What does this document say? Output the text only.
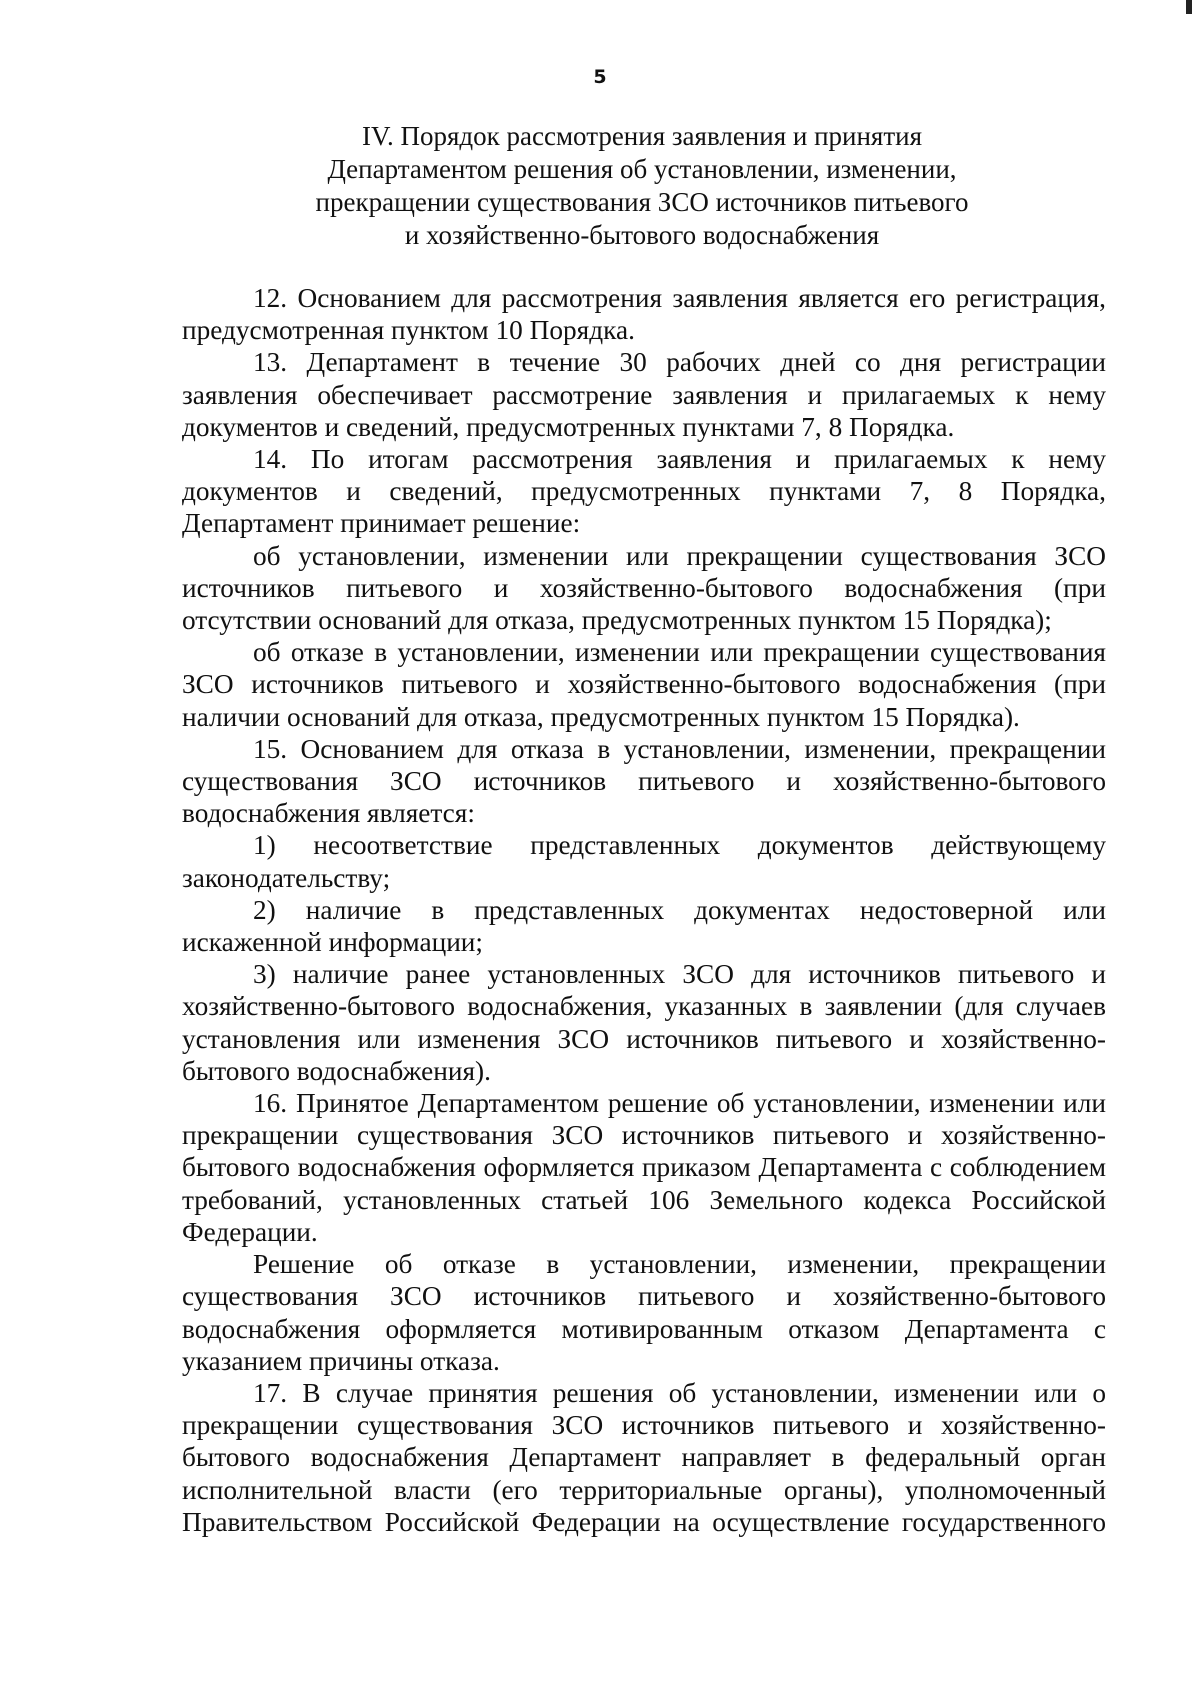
5
IV. Порядок рассмотрения заявления и принятия
Департаментом решения об установлении, изменении,
прекращении существования ЗСО источников питьевого
и хозяйственно-бытового водоснабжения

12. Основанием для рассмотрения заявления является его регистрация, предусмотренная пунктом 10 Порядка.

13. Департамент в течение 30 рабочих дней со дня регистрации заявления обеспечивает рассмотрение заявления и прилагаемых к нему документов и сведений, предусмотренных пунктами 7, 8 Порядка.

14. По итогам рассмотрения заявления и прилагаемых к нему документов и сведений, предусмотренных пунктами 7, 8 Порядка, Департамент принимает решение:

об установлении, изменении или прекращении существования ЗСО источников питьевого и хозяйственно-бытового водоснабжения (при отсутствии оснований для отказа, предусмотренных пунктом 15 Порядка);

об отказе в установлении, изменении или прекращении существования ЗСО источников питьевого и хозяйственно-бытового водоснабжения (при наличии оснований для отказа, предусмотренных пунктом 15 Порядка).

15. Основанием для отказа в установлении, изменении, прекращении существования ЗСО источников питьевого и хозяйственно-бытового водоснабжения является:

1) несоответствие представленных документов действующему законодательству;

2) наличие в представленных документах недостоверной или искаженной информации;

3) наличие ранее установленных ЗСО для источников питьевого и хозяйственно-бытового водоснабжения, указанных в заявлении (для случаев установления или изменения ЗСО источников питьевого и хозяйственно-бытового водоснабжения).

16. Принятое Департаментом решение об установлении, изменении или прекращении существования ЗСО источников питьевого и хозяйственно-бытового водоснабжения оформляется приказом Департамента с соблюдением требований, установленных статьей 106 Земельного кодекса Российской Федерации.

Решение об отказе в установлении, изменении, прекращении существования ЗСО источников питьевого и хозяйственно-бытового водоснабжения оформляется мотивированным отказом Департамента с указанием причины отказа.

17. В случае принятия решения об установлении, изменении или о прекращении существования ЗСО источников питьевого и хозяйственно-бытового водоснабжения Департамент направляет в федеральный орган исполнительной власти (его территориальные органы), уполномоченный Правительством Российской Федерации на осуществление государственного
